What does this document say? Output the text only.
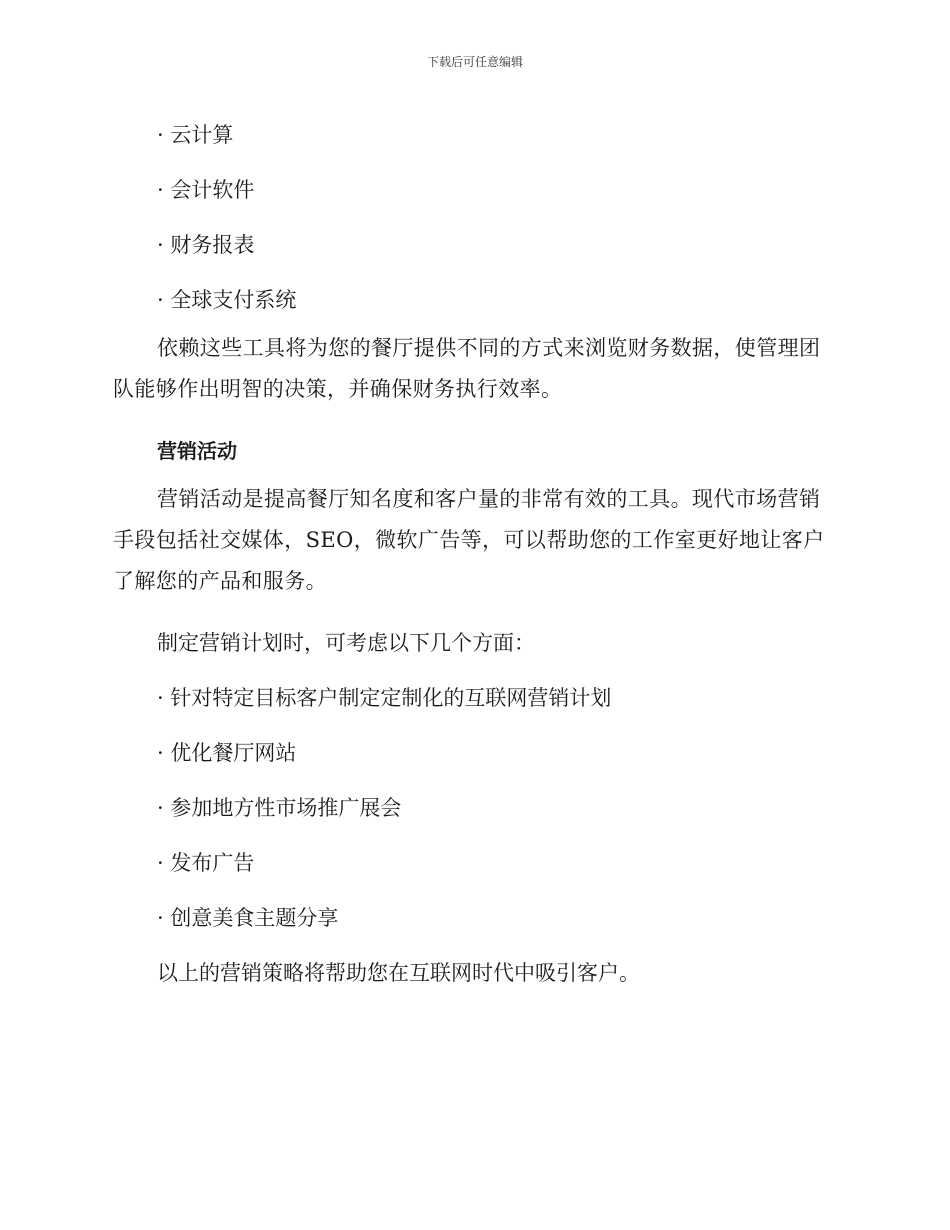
下载后可任意编辑

· 云计算

· 会计软件

· 财务报表

· 全球支付系统

依赖这些工具将为您的餐厅提供不同的方式来浏览财务数据，使管理团队能够作出明智的决策，并确保财务执行效率。

营销活动

营销活动是提高餐厅知名度和客户量的非常有效的工具。现代市场营销手段包括社交媒体，SEO，微软广告等，可以帮助您的工作室更好地让客户了解您的产品和服务。

制定营销计划时，可考虑以下几个方面：

· 针对特定目标客户制定定制化的互联网营销计划

· 优化餐厅网站

· 参加地方性市场推广展会

· 发布广告

· 创意美食主题分享

以上的营销策略将帮助您在互联网时代中吸引客户。
